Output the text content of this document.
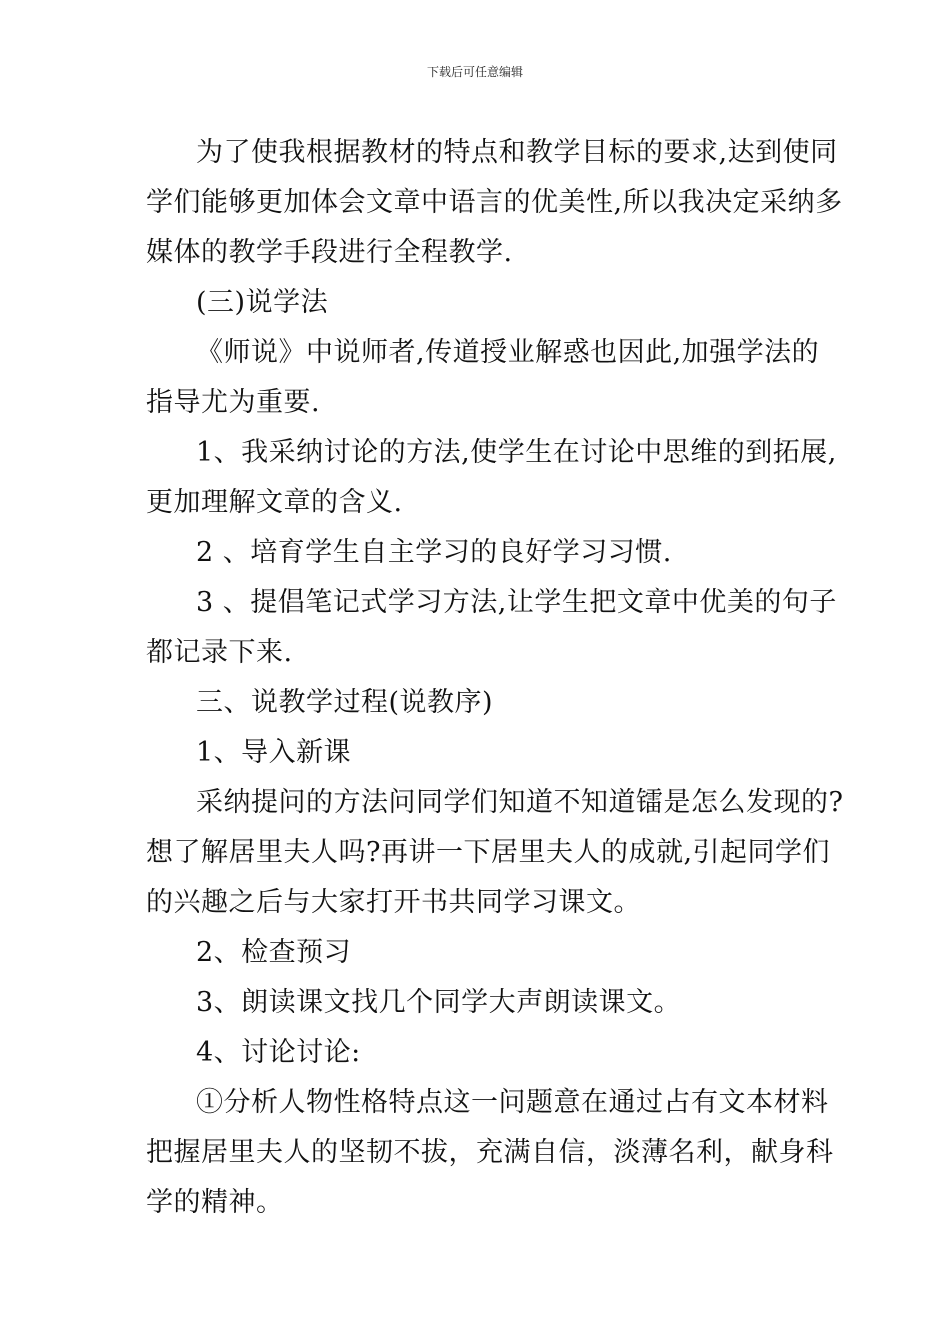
下载后可任意编辑
为了使我根据教材的特点和教学目标的要求,达到使同
学们能够更加体会文章中语言的优美性,所以我决定采纳多
媒体的教学手段进行全程教学.
(三)说学法
《师说》中说师者,传道授业解惑也因此,加强学法的
指导尤为重要.
1、我采纳讨论的方法,使学生在讨论中思维的到拓展,
更加理解文章的含义.
2 、培育学生自主学习的良好学习习惯.
3 、提倡笔记式学习方法,让学生把文章中优美的句子
都记录下来.
三、说教学过程(说教序)
1、导入新课
采纳提问的方法问同学们知道不知道镭是怎么发现的?
想了解居里夫人吗?再讲一下居里夫人的成就,引起同学们
的兴趣之后与大家打开书共同学习课文。
2、检查预习
3、朗读课文找几个同学大声朗读课文。
4、讨论讨论:
①分析人物性格特点这一问题意在通过占有文本材料
把握居里夫人的坚韧不拔，充满自信，淡薄名利，献身科
学的精神。
